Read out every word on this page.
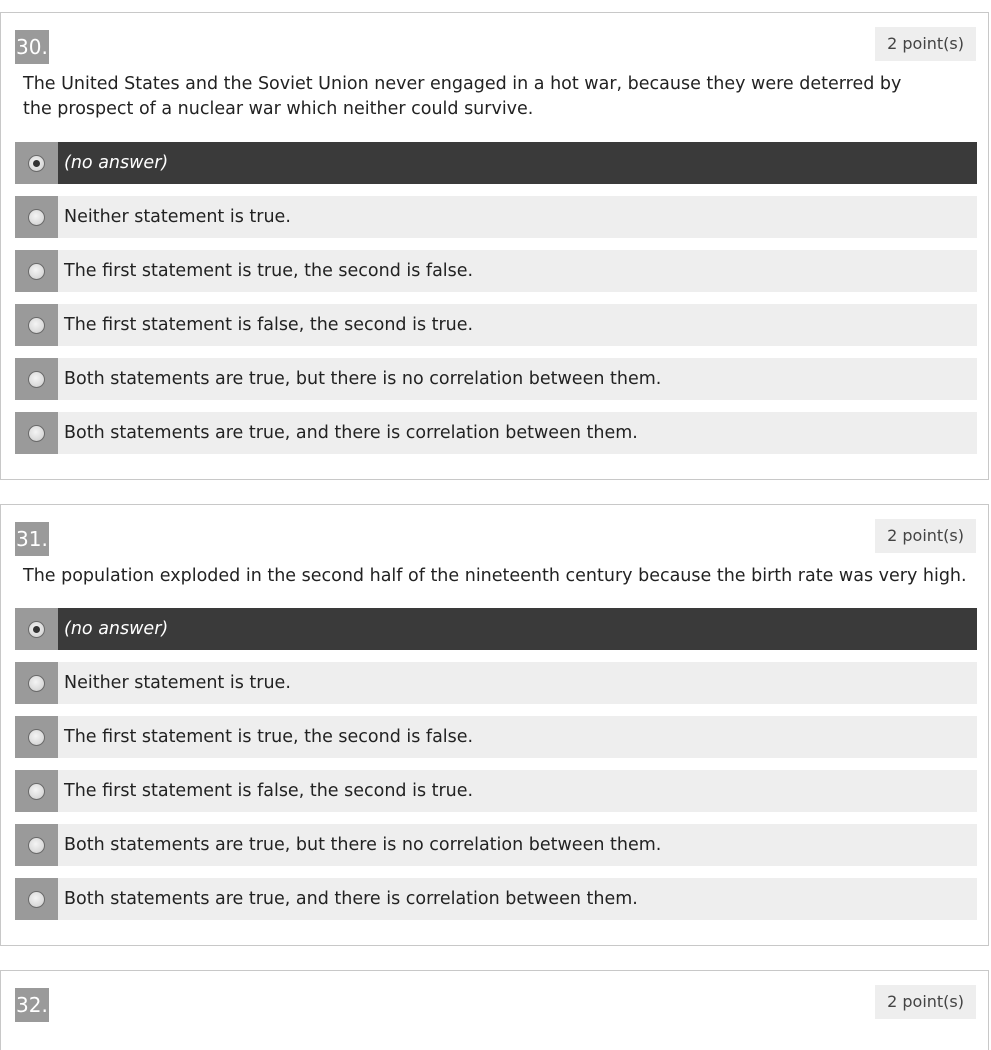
30.	2 point(s)
The United States and the Soviet Union never engaged in a hot war, because they were deterred by the prospect of a nuclear war which neither could survive.
(no answer)
Neither statement is true.
The first statement is true, the second is false.
The first statement is false, the second is true.
Both statements are true, but there is no correlation between them.
Both statements are true, and there is correlation between them.
31.	2 point(s)
The population exploded in the second half of the nineteenth century because the birth rate was very high.
(no answer)
Neither statement is true.
The first statement is true, the second is false.
The first statement is false, the second is true.
Both statements are true, but there is no correlation between them.
Both statements are true, and there is correlation between them.
32.	2 point(s)
